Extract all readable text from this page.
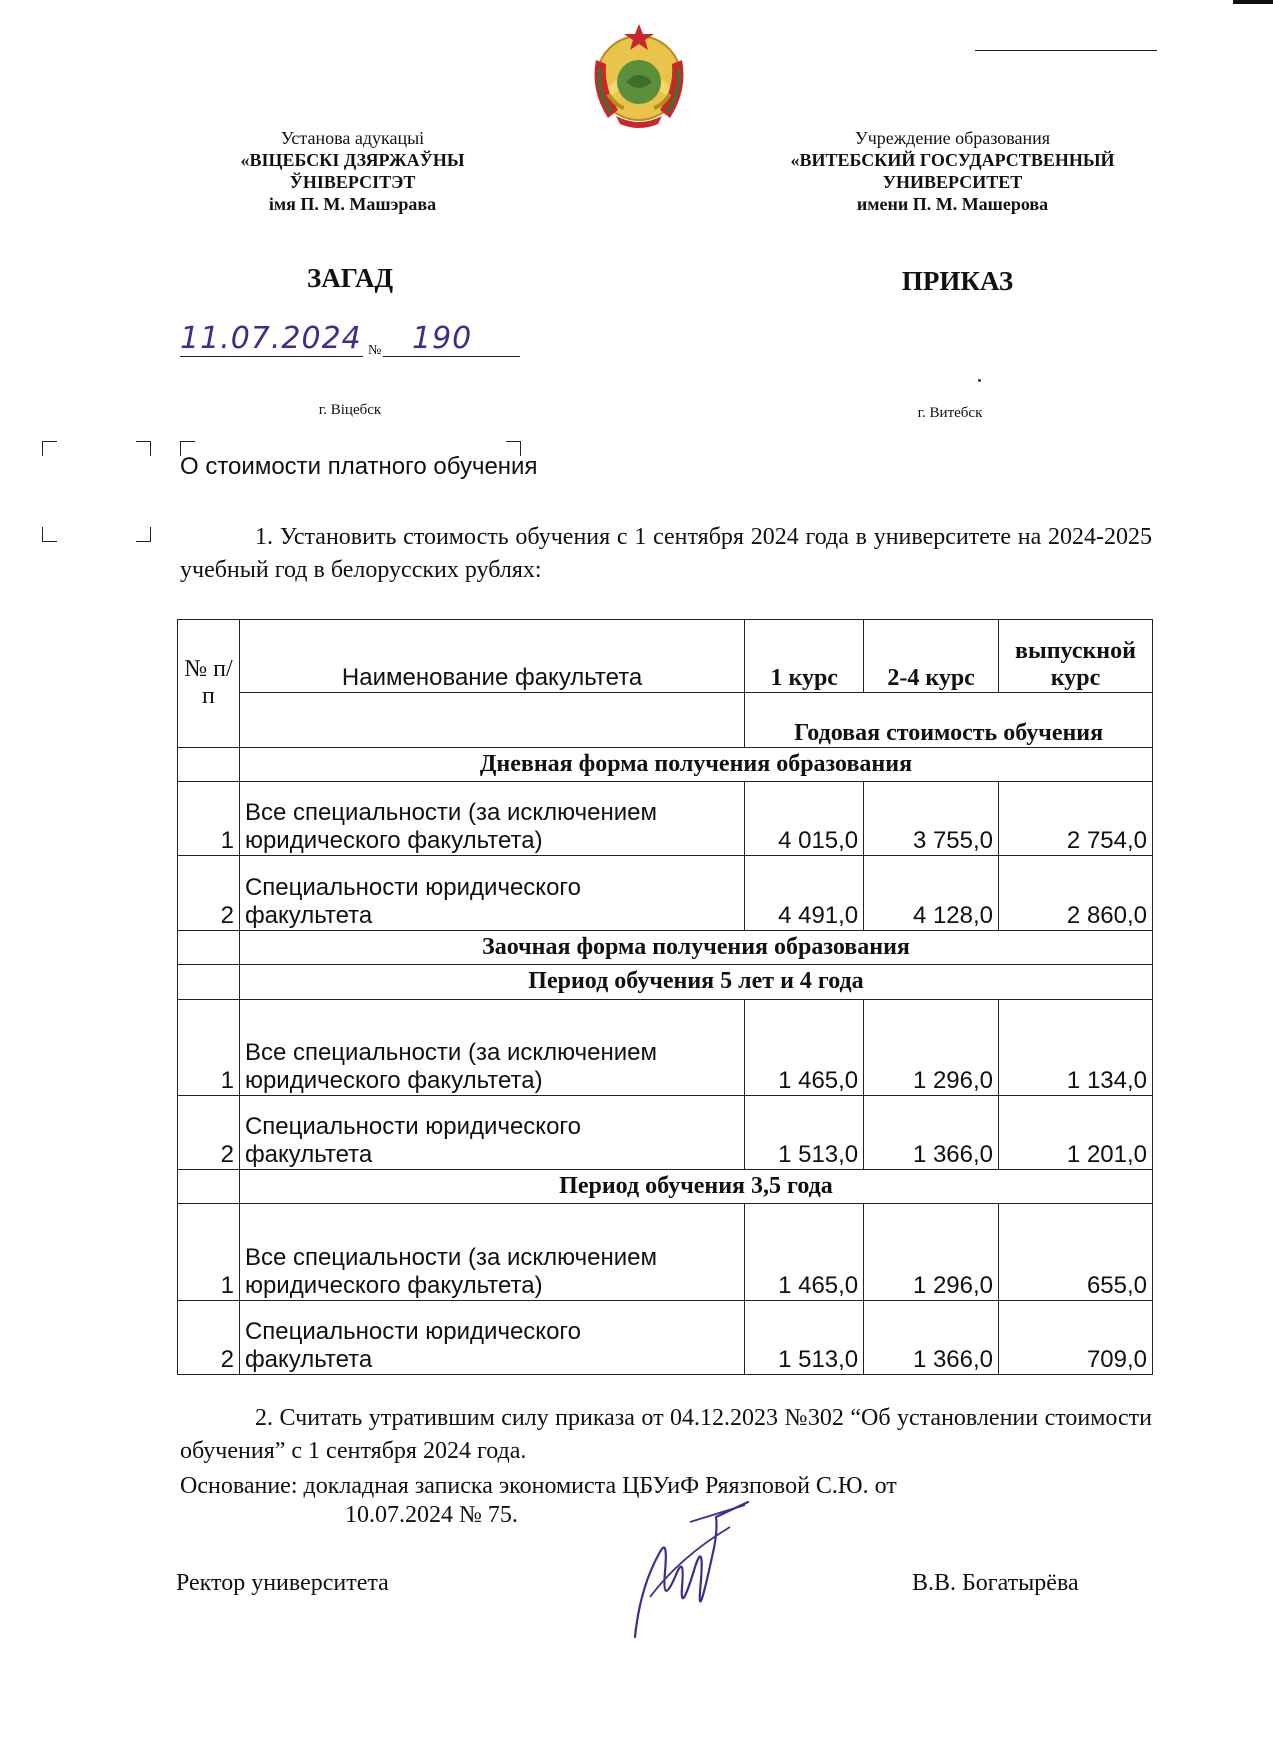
Установа адукацыі
«ВІЦЕБСКІ ДЗЯРЖАЎНЫ
ЎНІВЕРСІТЭТ
імя П. М. Машэрава
Учреждение образования
«ВИТЕБСКИЙ ГОСУДАРСТВЕННЫЙ
УНИВЕРСИТЕТ
имени П. М. Машерова
ЗАГАД	ПРИКАЗ
11.07.2024 № 190
г. Віцебск	г. Витебск
О стоимости платного обучения
1. Установить стоимость обучения с 1 сентября 2024 года в университете на 2024-2025 учебный год в белорусских рублях:
№ п/п	Наименование факультета	1 курс	2-4 курс	выпускной курс
		Годовая стоимость обучения		
	Дневная форма получения образования			
1	Все специальности (за исключением
юридического факультета)	4 015,0	3 755,0	2 754,0
2	Специальности юридического
факультета	4 491,0	4 128,0	2 860,0
	Заочная форма получения образования			
	Период обучения 5 лет и 4 года			
1	Все специальности (за исключением
юридического факультета)	1 465,0	1 296,0	1 134,0
2	Специальности юридического
факультета	1 513,0	1 366,0	1 201,0
	Период обучения 3,5 года			
1	Все специальности (за исключением
юридического факультета)	1 465,0	1 296,0	655,0
2	Специальности юридического
факультета	1 513,0	1 366,0	709,0
2. Считать утратившим силу приказа от 04.12.2023 №302 “Об установлении стоимости обучения” с 1 сентября 2024 года.
Основание: докладная записка экономиста ЦБУиФ Ряязповой С.Ю. от
10.07.2024 № 75.
Ректор университета	В.В. Богатырёва
